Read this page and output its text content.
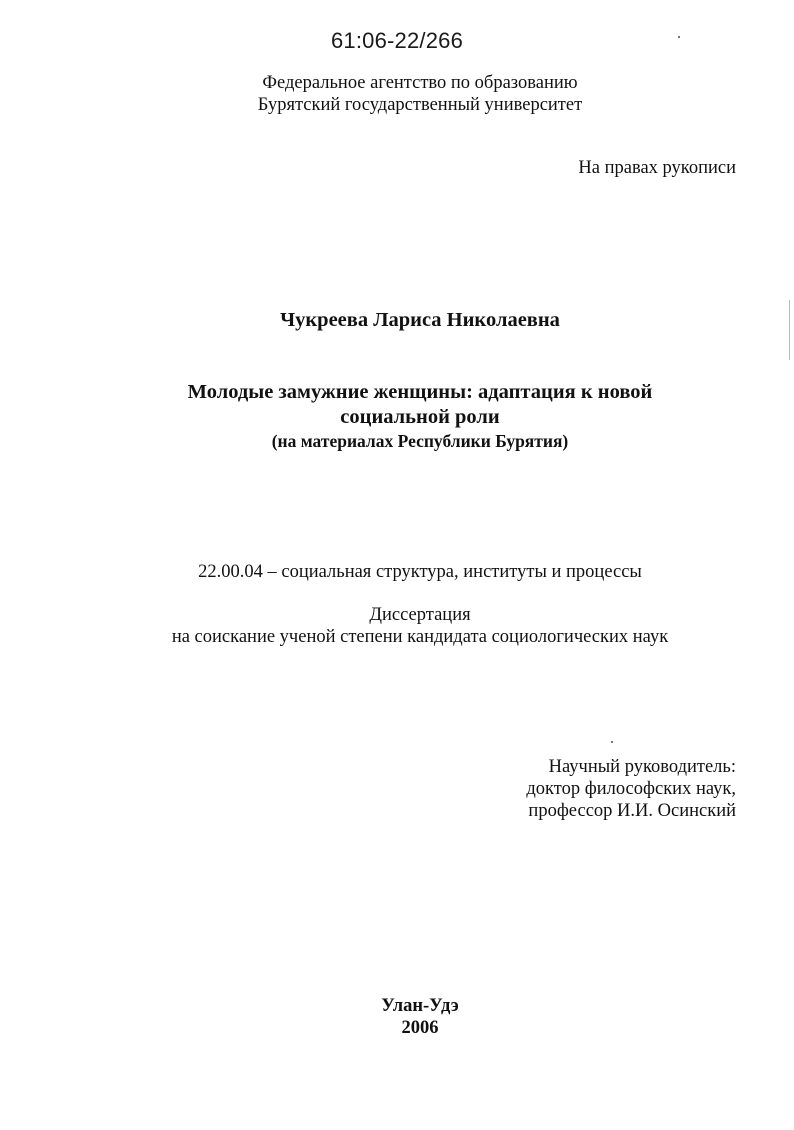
61:06-22/266
Федеральное агентство по образованию
Бурятский государственный университет
На правах рукописи
Чукреева Лариса Николаевна
Молодые замужние женщины: адаптация к новой
социальной роли
(на материалах Республики Бурятия)
22.00.04 – социальная структура, институты и процессы
Диссертация
на соискание ученой степени кандидата социологических наук
Научный руководитель:
доктор философских наук,
профессор И.И. Осинский
Улан-Удэ
2006
